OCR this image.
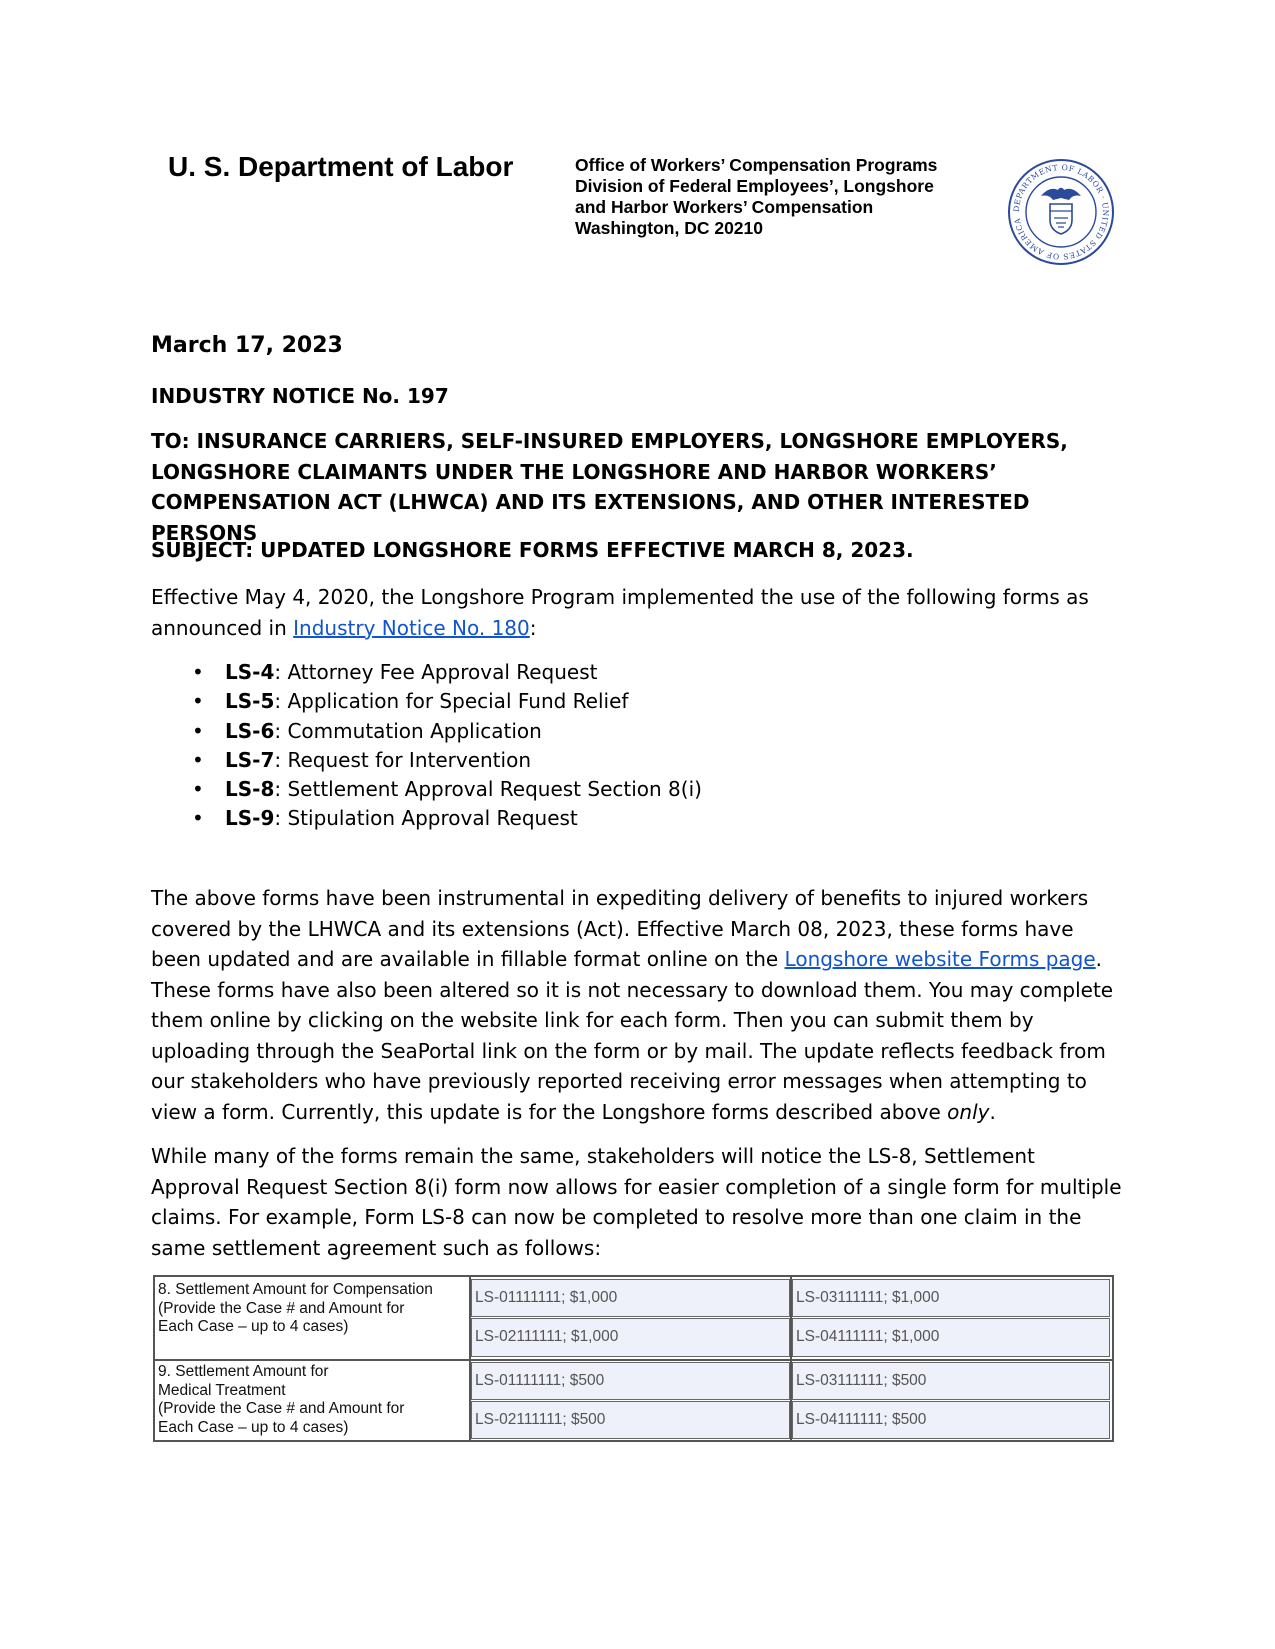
U. S. Department of Labor	Office of Workers’ Compensation Programs
Division of Federal Employees’, Longshore
and Harbor Workers’ Compensation
Washington, DC 20210
DEPARTMENT OF LABOR · UNITED STATES OF AMERICA
March 17, 2023
INDUSTRY NOTICE No. 197
TO: INSURANCE CARRIERS, SELF-INSURED EMPLOYERS, LONGSHORE EMPLOYERS, LONGSHORE CLAIMANTS UNDER THE LONGSHORE AND HARBOR WORKERS’ COMPENSATION ACT (LHWCA) AND ITS EXTENSIONS, AND OTHER INTERESTED PERSONS
SUBJECT: UPDATED LONGSHORE FORMS EFFECTIVE MARCH 8, 2023.
Effective May 4, 2020, the Longshore Program implemented the use of the following forms as announced in Industry Notice No. 180:
• LS-4: Attorney Fee Approval Request
• LS-5: Application for Special Fund Relief
• LS-6: Commutation Application
• LS-7: Request for Intervention
• LS-8: Settlement Approval Request Section 8(i)
• LS-9: Stipulation Approval Request
The above forms have been instrumental in expediting delivery of benefits to injured workers covered by the LHWCA and its extensions (Act). Effective March 08, 2023, these forms have been updated and are available in fillable format online on the Longshore website Forms page. These forms have also been altered so it is not necessary to download them. You may complete them online by clicking on the website link for each form. Then you can submit them by uploading through the SeaPortal link on the form or by mail. The update reflects feedback from our stakeholders who have previously reported receiving error messages when attempting to view a form. Currently, this update is for the Longshore forms described above only.
While many of the forms remain the same, stakeholders will notice the LS-8, Settlement Approval Request Section 8(i) form now allows for easier completion of a single form for multiple claims. For example, Form LS-8 can now be completed to resolve more than one claim in the same settlement agreement such as follows:
8. Settlement Amount for Compensation
(Provide the Case # and Amount for
Each Case – up to 4 cases)
LS-01111111; $1,000	LS-03111111; $1,000
LS-02111111; $1,000	LS-04111111; $1,000
9. Settlement Amount for
Medical Treatment
(Provide the Case # and Amount for
Each Case – up to 4 cases)
LS-01111111; $500	LS-03111111; $500
LS-02111111; $500	LS-04111111; $500
